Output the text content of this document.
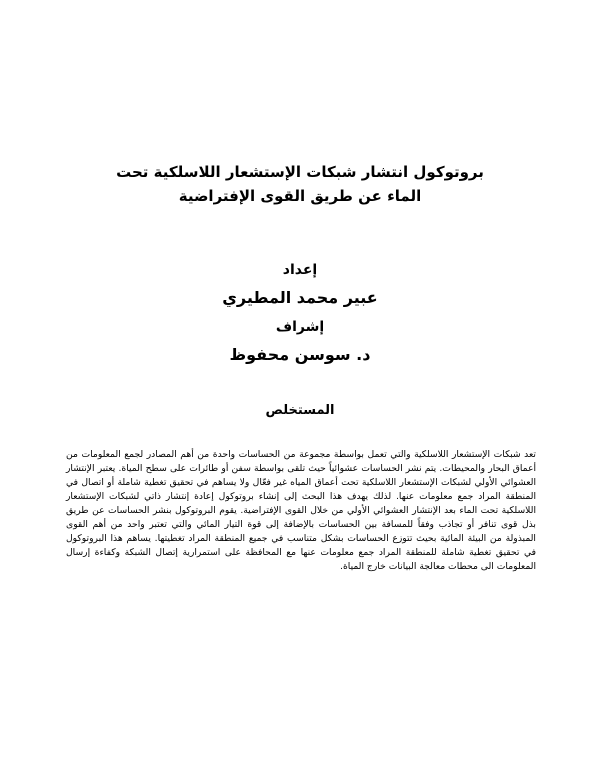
بروتوكول انتشار شبكات الإستشعار اللاسلكية تحت الماء عن طريق القوى الإفتراضية

إعداد

عبير محمد المطيري

إشراف

د. سوسن محفوظ

المستخلص

تعد شبكات الإستشعار اللاسلكية والتي تعمل بواسطة مجموعة من الحساسات واحدة من أهم المصادر لجمع المعلومات من أعماق البحار والمحيطات. يتم نشر الحساسات عشوائياً حيث تلقى بواسطة سفن أو طائرات على سطح المياة. يعتبر الإنتشار العشوائي الأولي لشبكات الإستشعار اللاسلكية تحت أعماق المياه غير فعّال ولا يساهم في تحقيق تغطية شاملة أو اتصال في المنطقة المراد جمع معلومات عنها. لذلك يهدف هذا البحث إلى إنشاء بروتوكول إعادة إنتشار ذاتي لشبكات الإستشعار اللاسلكية تحت الماء بعد الإنتشار العشوائي الأولي من خلال القوى الإفتراضية. يقوم البروتوكول بنشر الحساسات عن طريق بذل قوى تنافر أو تجاذب وفقاً للمسافة بين الحساسات بالإضافة إلى قوة التيار المائي والتي تعتبر واحد من أهم القوى المبذولة من البيئة المائية بحيث تتوزع الحساسات بشكل متناسب في جميع المنطقة المراد تغطيتها. يساهم هذا البروتوكول في تحقيق تغطية شاملة للمنطقة المراد جمع معلومات عنها مع المحافظة على استمرارية إتصال الشبكة وكفاءة إرسال المعلومات الى محطات معالجة البيانات خارج المياة.
